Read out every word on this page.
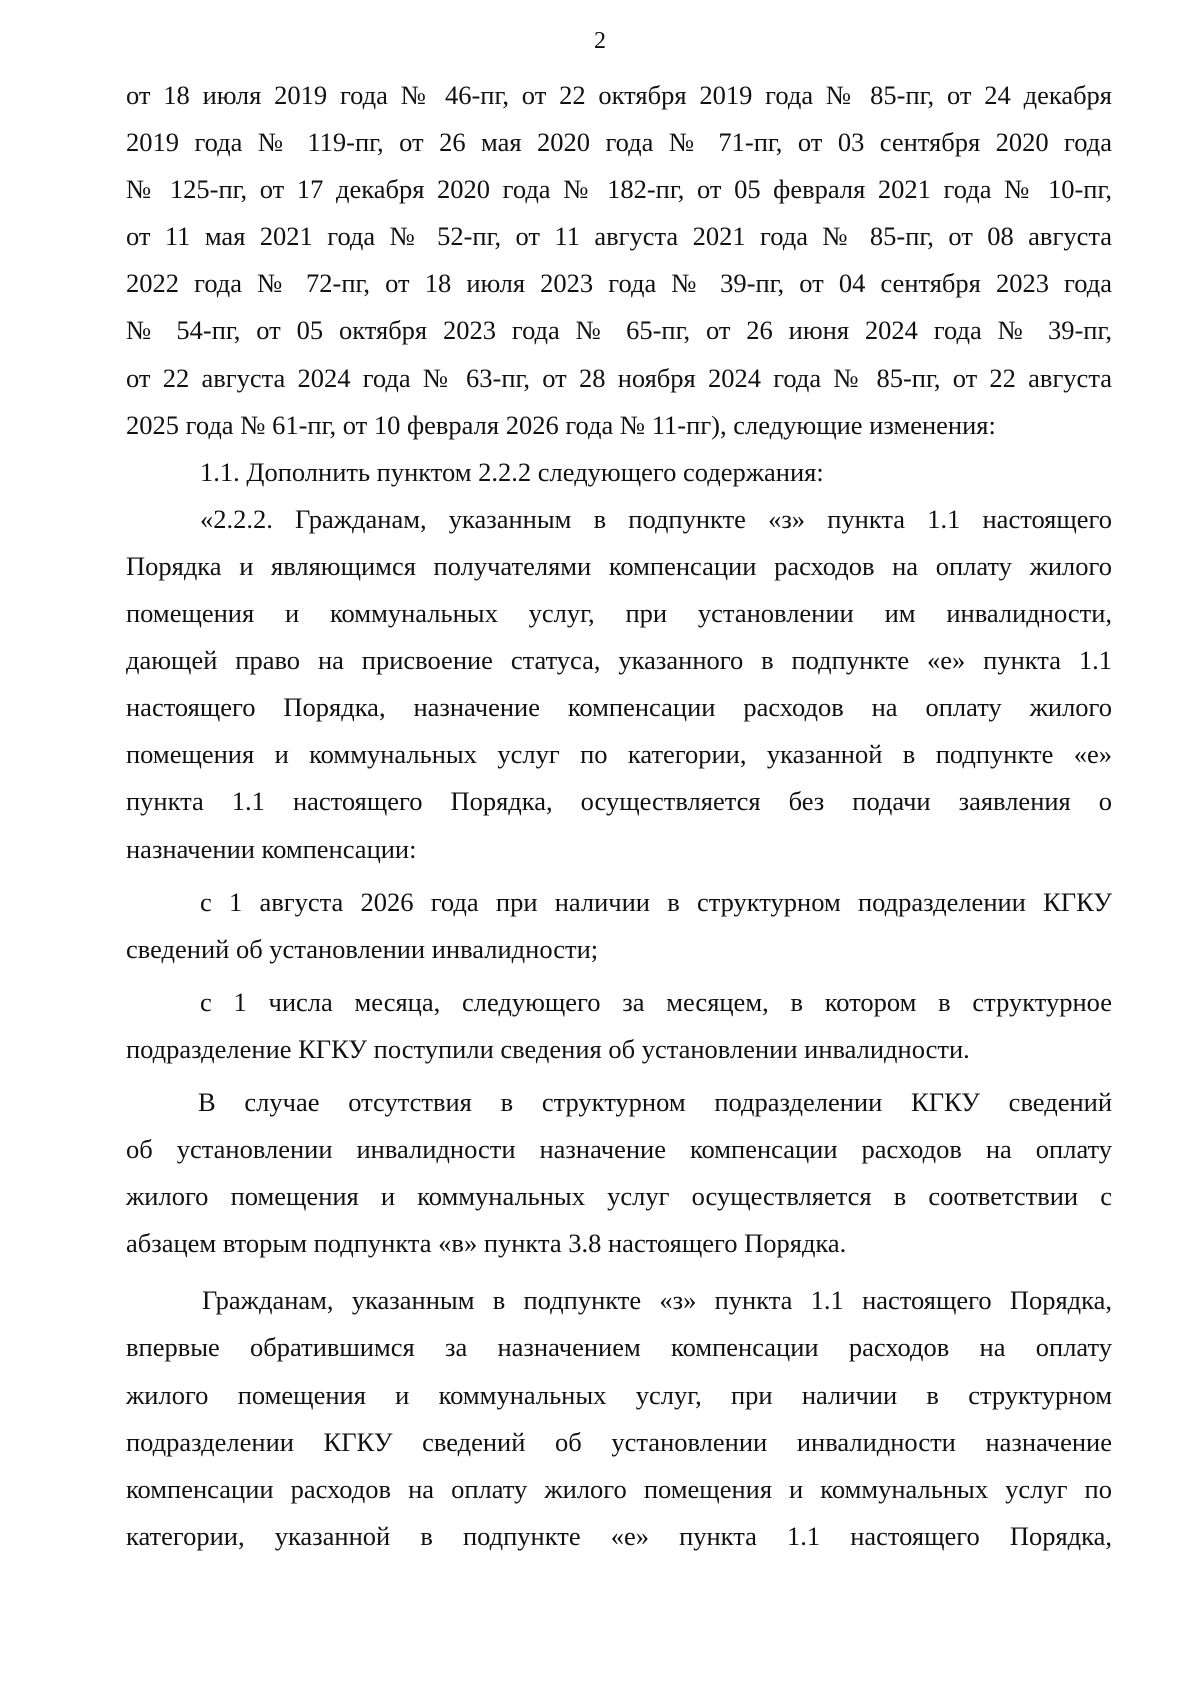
2
от 18 июля 2019 года № 46-пг, от 22 октября 2019 года № 85-пг, от 24 декабря
2019 года № 119-пг, от 26 мая 2020 года № 71-пг, от 03 сентября 2020 года
№ 125-пг, от 17 декабря 2020 года № 182-пг, от 05 февраля 2021 года № 10-пг,
от 11 мая 2021 года № 52-пг, от 11 августа 2021 года № 85-пг, от 08 августа
2022 года № 72-пг, от 18 июля 2023 года № 39-пг, от 04 сентября 2023 года
№ 54-пг, от 05 октября 2023 года № 65-пг, от 26 июня 2024 года № 39-пг,
от 22 августа 2024 года № 63-пг, от 28 ноября 2024 года № 85-пг, от 22 августа
2025 года № 61-пг, от 10 февраля 2026 года № 11-пг), следующие изменения:
1.1. Дополнить пунктом 2.2.2 следующего содержания:
«2.2.2. Гражданам, указанным в подпункте «з» пункта 1.1 настоящего
Порядка и являющимся получателями компенсации расходов на оплату жилого
помещения и коммунальных услуг, при установлении им инвалидности,
дающей право на присвоение статуса, указанного в подпункте «е» пункта 1.1
настоящего Порядка, назначение компенсации расходов на оплату жилого
помещения и коммунальных услуг по категории, указанной в подпункте «е»
пункта 1.1 настоящего Порядка, осуществляется без подачи заявления о
назначении компенсации:
с 1 августа 2026 года при наличии в структурном подразделении КГКУ
сведений об установлении инвалидности;
с 1 числа месяца, следующего за месяцем, в котором в структурное
подразделение КГКУ поступили сведения об установлении инвалидности.
В случае отсутствия в структурном подразделении КГКУ сведений
об установлении инвалидности назначение компенсации расходов на оплату
жилого помещения и коммунальных услуг осуществляется в соответствии с
абзацем вторым подпункта «в» пункта 3.8 настоящего Порядка.
Гражданам, указанным в подпункте «з» пункта 1.1 настоящего Порядка,
впервые обратившимся за назначением компенсации расходов на оплату
жилого помещения и коммунальных услуг, при наличии в структурном
подразделении КГКУ сведений об установлении инвалидности назначение
компенсации расходов на оплату жилого помещения и коммунальных услуг по
категории, указанной в подпункте «е» пункта 1.1 настоящего Порядка,
